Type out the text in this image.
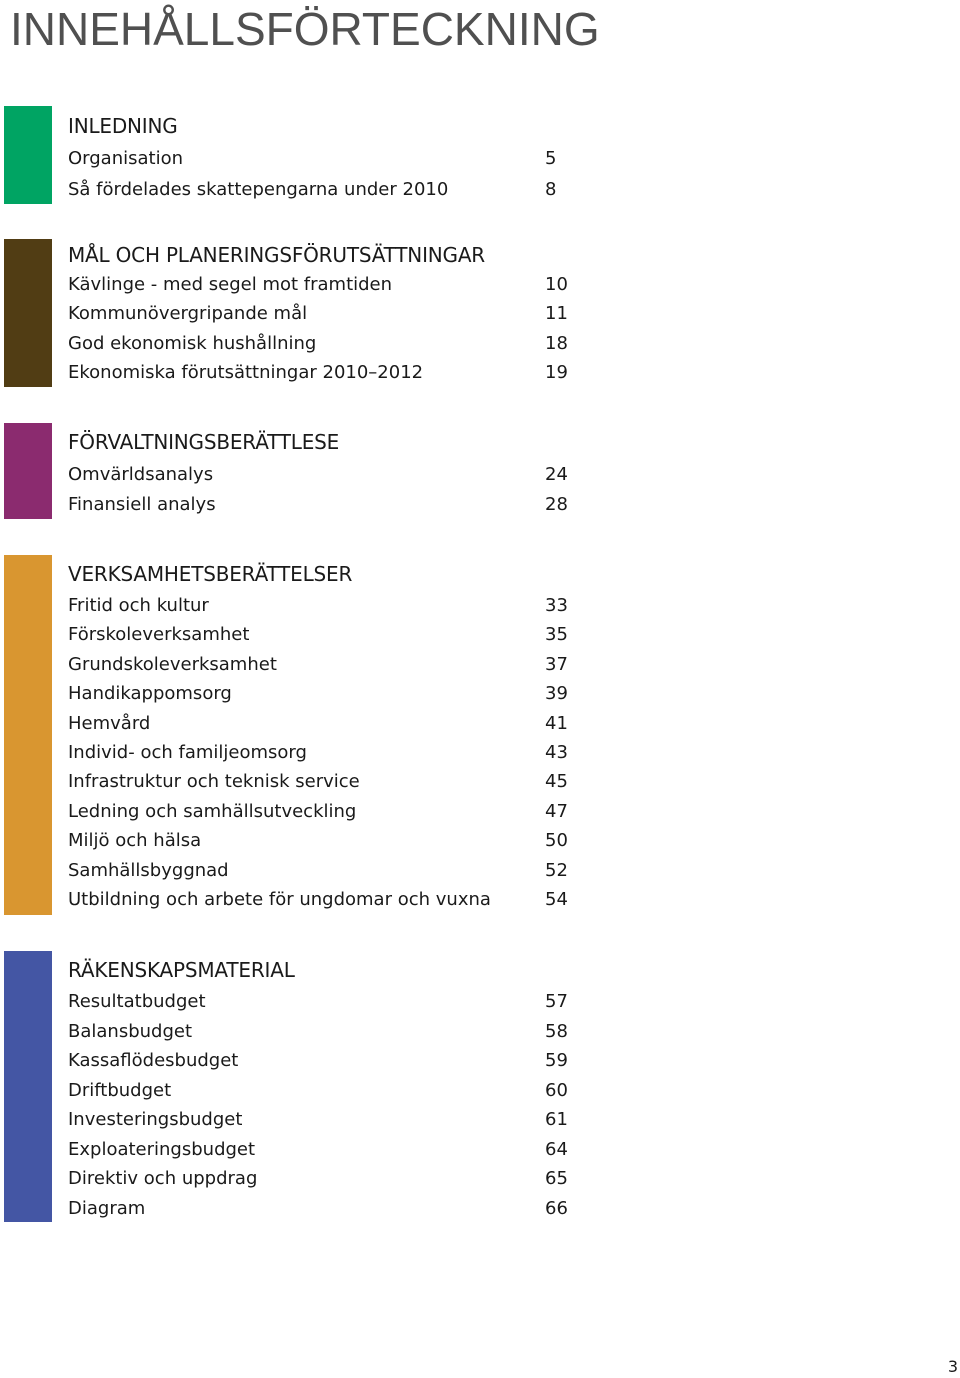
INNEHÅLLSFÖRTECKNING
INLEDNING
Organisation	5
Så fördelades skattepengarna under 2010	8
MÅL OCH PLANERINGSFÖRUTSÄTTNINGAR
Kävlinge - med segel mot framtiden	10
Kommunövergripande mål	11
God ekonomisk hushållning	18
Ekonomiska förutsättningar 2010–2012	19
FÖRVALTNINGSBERÄTTLESE
Omvärldsanalys	24
Finansiell analys	28
VERKSAMHETSBERÄTTELSER
Fritid och kultur	33
Förskoleverksamhet	35
Grundskoleverksamhet	37
Handikappomsorg	39
Hemvård	41
Individ- och familjeomsorg	43
Infrastruktur och teknisk service	45
Ledning och samhällsutveckling	47
Miljö och hälsa	50
Samhällsbyggnad	52
Utbildning och arbete för ungdomar och vuxna	54
RÄKENSKAPSMATERIAL
Resultatbudget	57
Balansbudget	58
Kassaflödesbudget	59
Driftbudget	60
Investeringsbudget	61
Exploateringsbudget	64
Direktiv och uppdrag	65
Diagram	66
3
